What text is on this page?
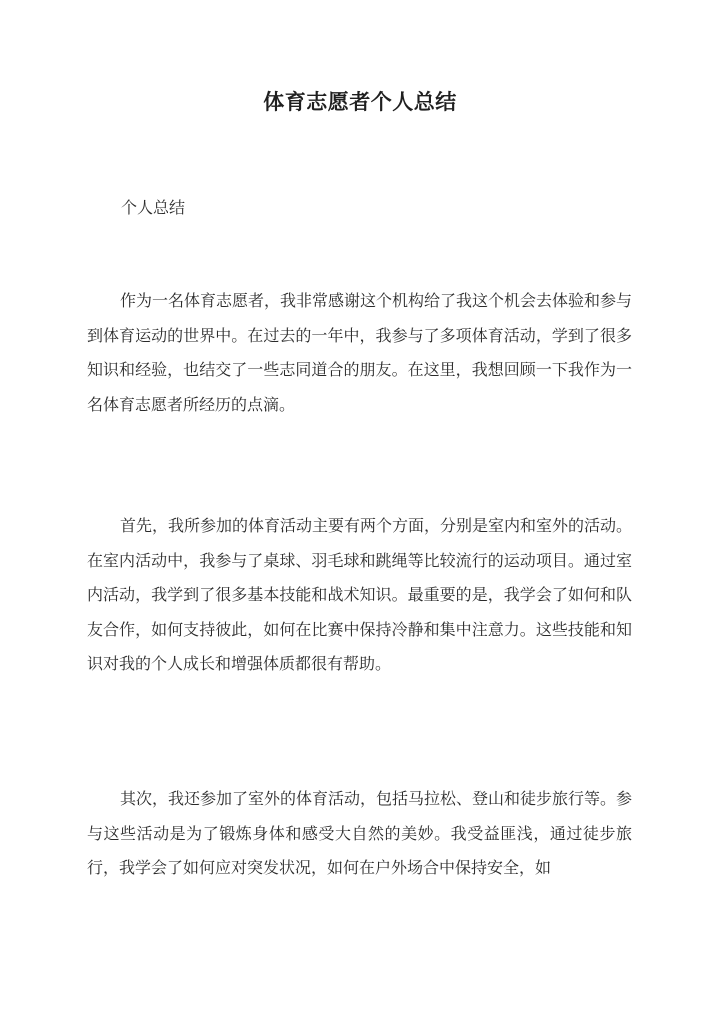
体育志愿者个人总结
个人总结

作为一名体育志愿者，我非常感谢这个机构给了我这个机会去体验和参与到体育运动的世界中。在过去的一年中，我参与了多项体育活动，学到了很多知识和经验，也结交了一些志同道合的朋友。在这里，我想回顾一下我作为一名体育志愿者所经历的点滴。

首先，我所参加的体育活动主要有两个方面，分别是室内和室外的活动。在室内活动中，我参与了桌球、羽毛球和跳绳等比较流行的运动项目。通过室内活动，我学到了很多基本技能和战术知识。最重要的是，我学会了如何和队友合作，如何支持彼此，如何在比赛中保持冷静和集中注意力。这些技能和知识对我的个人成长和增强体质都很有帮助。

其次，我还参加了室外的体育活动，包括马拉松、登山和徒步旅行等。参与这些活动是为了锻炼身体和感受大自然的美妙。我受益匪浅，通过徒步旅行，我学会了如何应对突发状况，如何在户外场合中保持安全，如
